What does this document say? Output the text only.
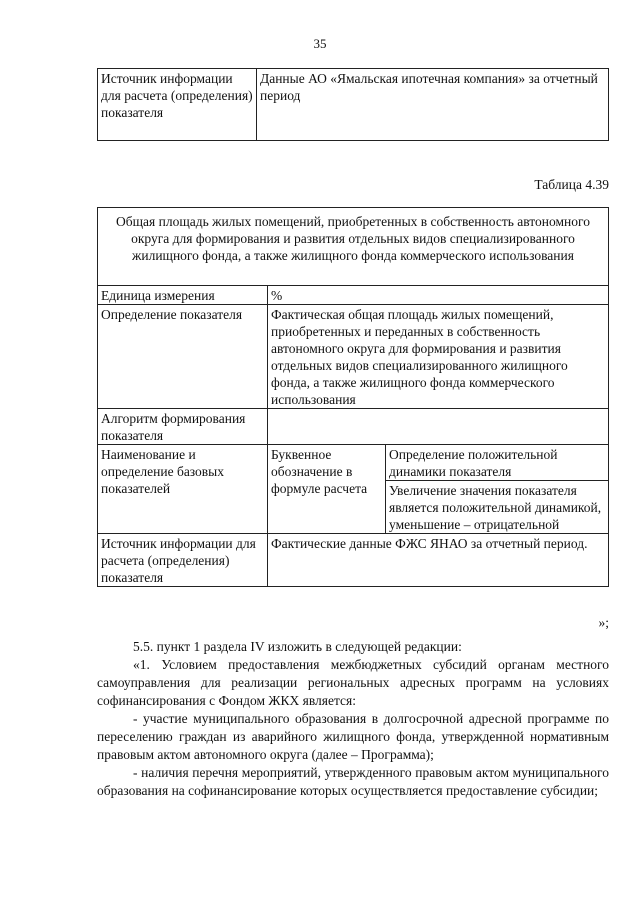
35
Источник информации для расчета (определения) показателя	Данные АО «Ямальская ипотечная компания» за отчетный период
Таблица 4.39
Общая площадь жилых помещений, приобретенных в собственность автономного округа для формирования и развития отдельных видов специализированного жилищного фонда, а также жилищного фонда коммерческого использования		
Единица измерения	%	
Определение показателя	Фактическая общая площадь жилых помещений, приобретенных и переданных в собственность автономного округа для формирования и развития отдельных видов специализированного жилищного фонда, а также жилищного фонда коммерческого использования	
Алгоритм формирования показателя		
Наименование и определение базовых показателей	Буквенное обозначение в формуле расчета	Определение положительной динамики показателя
		Увеличение значения показателя является положительной динамикой, уменьшение – отрицательной
Источник информации для расчета (определения) показателя	Фактические данные ФЖС ЯНАО за отчетный период.	
»;

5.5. пункт 1 раздела IV изложить в следующей редакции:

«1. Условием предоставления межбюджетных субсидий органам местного самоуправления для реализации региональных адресных программ на условиях софинансирования с Фондом ЖКХ является:

- участие муниципального образования в долгосрочной адресной программе по переселению граждан из аварийного жилищного фонда, утвержденной нормативным правовым актом автономного округа (далее – Программа);

- наличия перечня мероприятий, утвержденного правовым актом муниципального образования на софинансирование которых осуществляется предоставление субсидии;
